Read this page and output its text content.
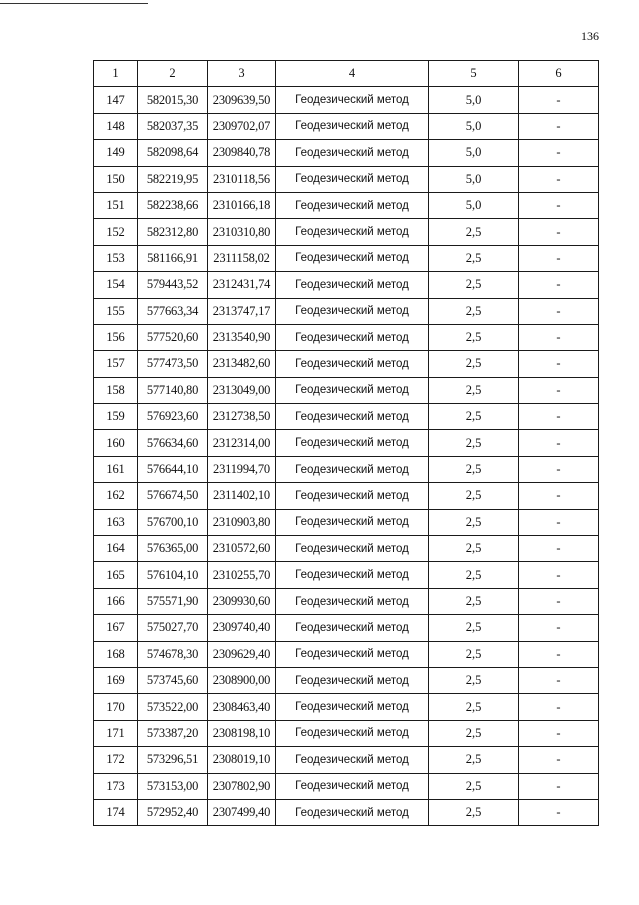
136
1	2	3	4	5	6
147	582015,30	2309639,50	Геодезический метод	5,0	-
148	582037,35	2309702,07	Геодезический метод	5,0	-
149	582098,64	2309840,78	Геодезический метод	5,0	-
150	582219,95	2310118,56	Геодезический метод	5,0	-
151	582238,66	2310166,18	Геодезический метод	5,0	-
152	582312,80	2310310,80	Геодезический метод	2,5	-
153	581166,91	2311158,02	Геодезический метод	2,5	-
154	579443,52	2312431,74	Геодезический метод	2,5	-
155	577663,34	2313747,17	Геодезический метод	2,5	-
156	577520,60	2313540,90	Геодезический метод	2,5	-
157	577473,50	2313482,60	Геодезический метод	2,5	-
158	577140,80	2313049,00	Геодезический метод	2,5	-
159	576923,60	2312738,50	Геодезический метод	2,5	-
160	576634,60	2312314,00	Геодезический метод	2,5	-
161	576644,10	2311994,70	Геодезический метод	2,5	-
162	576674,50	2311402,10	Геодезический метод	2,5	-
163	576700,10	2310903,80	Геодезический метод	2,5	-
164	576365,00	2310572,60	Геодезический метод	2,5	-
165	576104,10	2310255,70	Геодезический метод	2,5	-
166	575571,90	2309930,60	Геодезический метод	2,5	-
167	575027,70	2309740,40	Геодезический метод	2,5	-
168	574678,30	2309629,40	Геодезический метод	2,5	-
169	573745,60	2308900,00	Геодезический метод	2,5	-
170	573522,00	2308463,40	Геодезический метод	2,5	-
171	573387,20	2308198,10	Геодезический метод	2,5	-
172	573296,51	2308019,10	Геодезический метод	2,5	-
173	573153,00	2307802,90	Геодезический метод	2,5	-
174	572952,40	2307499,40	Геодезический метод	2,5	-
